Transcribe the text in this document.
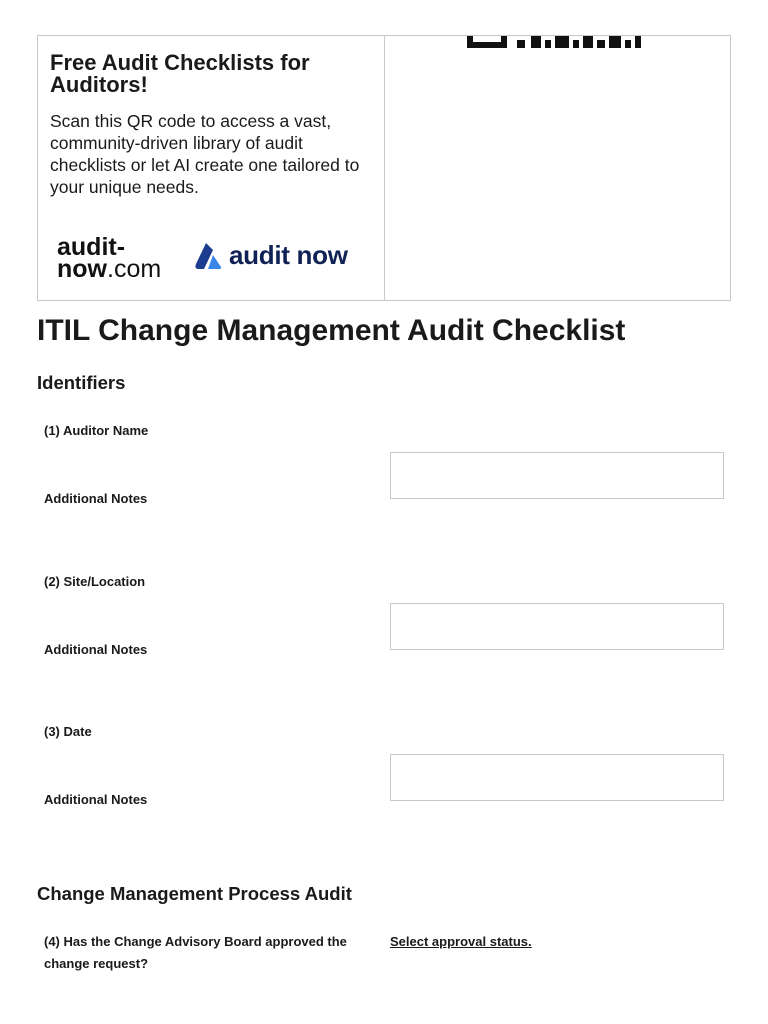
Free Audit Checklists for Auditors!
Scan this QR code to access a vast, community-driven library of audit checklists or let AI create one tailored to your unique needs.
audit-
now.com	audit now
ITIL Change Management Audit Checklist
Identifiers
(1) Auditor Name
Additional Notes
(2) Site/Location
Additional Notes
(3) Date
Additional Notes
Change Management Process Audit
(4) Has the Change Advisory Board approved the change request?
Select approval status.
